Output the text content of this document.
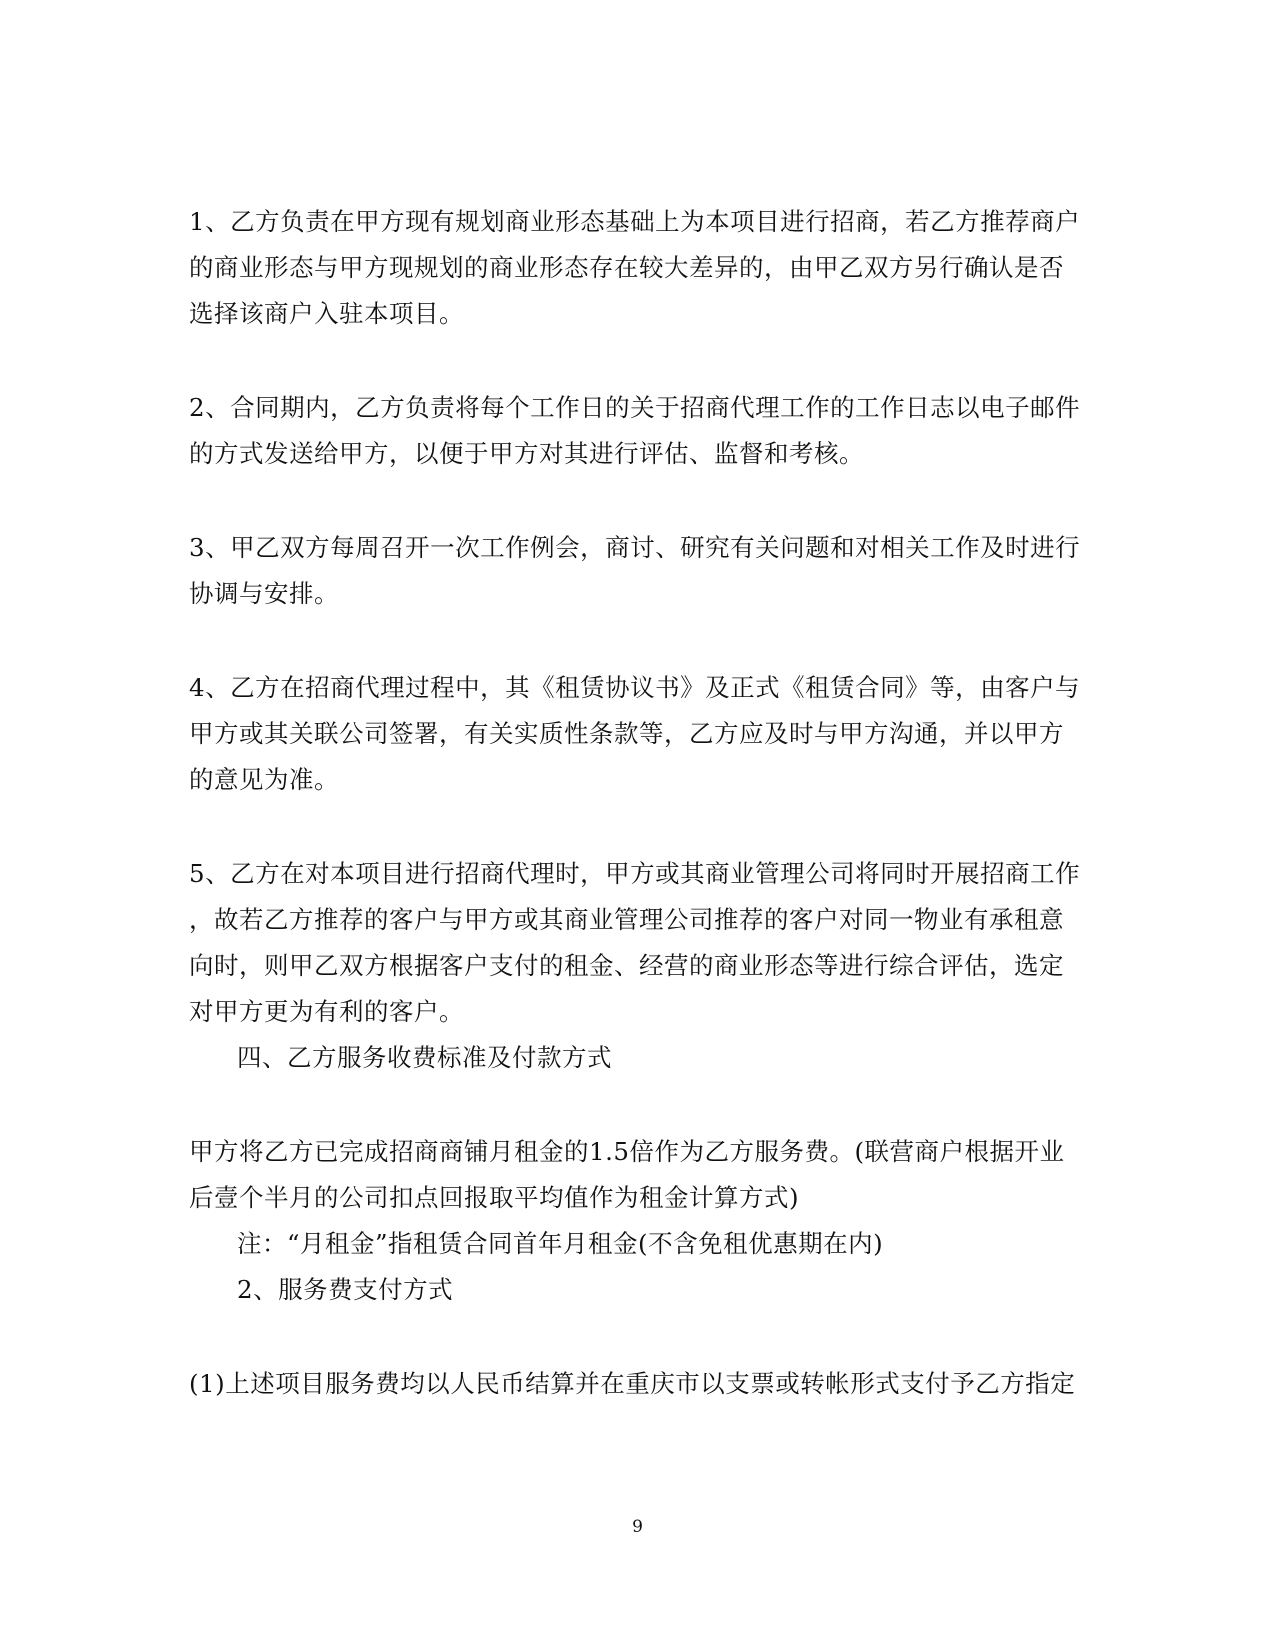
1、乙方负责在甲方现有规划商业形态基础上为本项目进行招商，若乙方推荐商户
的商业形态与甲方现规划的商业形态存在较大差异的，由甲乙双方另行确认是否
选择该商户入驻本项目。
2、合同期内，乙方负责将每个工作日的关于招商代理工作的工作日志以电子邮件
的方式发送给甲方，以便于甲方对其进行评估、监督和考核。
3、甲乙双方每周召开一次工作例会，商讨、研究有关问题和对相关工作及时进行
协调与安排。
4、乙方在招商代理过程中，其《租赁协议书》及正式《租赁合同》等，由客户与
甲方或其关联公司签署，有关实质性条款等，乙方应及时与甲方沟通，并以甲方
的意见为准。
5、乙方在对本项目进行招商代理时，甲方或其商业管理公司将同时开展招商工作
，故若乙方推荐的客户与甲方或其商业管理公司推荐的客户对同一物业有承租意
向时，则甲乙双方根据客户支付的租金、经营的商业形态等进行综合评估，选定
对甲方更为有利的客户。
四、乙方服务收费标准及付款方式
甲方将乙方已完成招商商铺月租金的1.5倍作为乙方服务费。(联营商户根据开业
后壹个半月的公司扣点回报取平均值作为租金计算方式)
注：“月租金”指租赁合同首年月租金(不含免租优惠期在内)
2、服务费支付方式
(1)上述项目服务费均以人民币结算并在重庆市以支票或转帐形式支付予乙方指定
9
